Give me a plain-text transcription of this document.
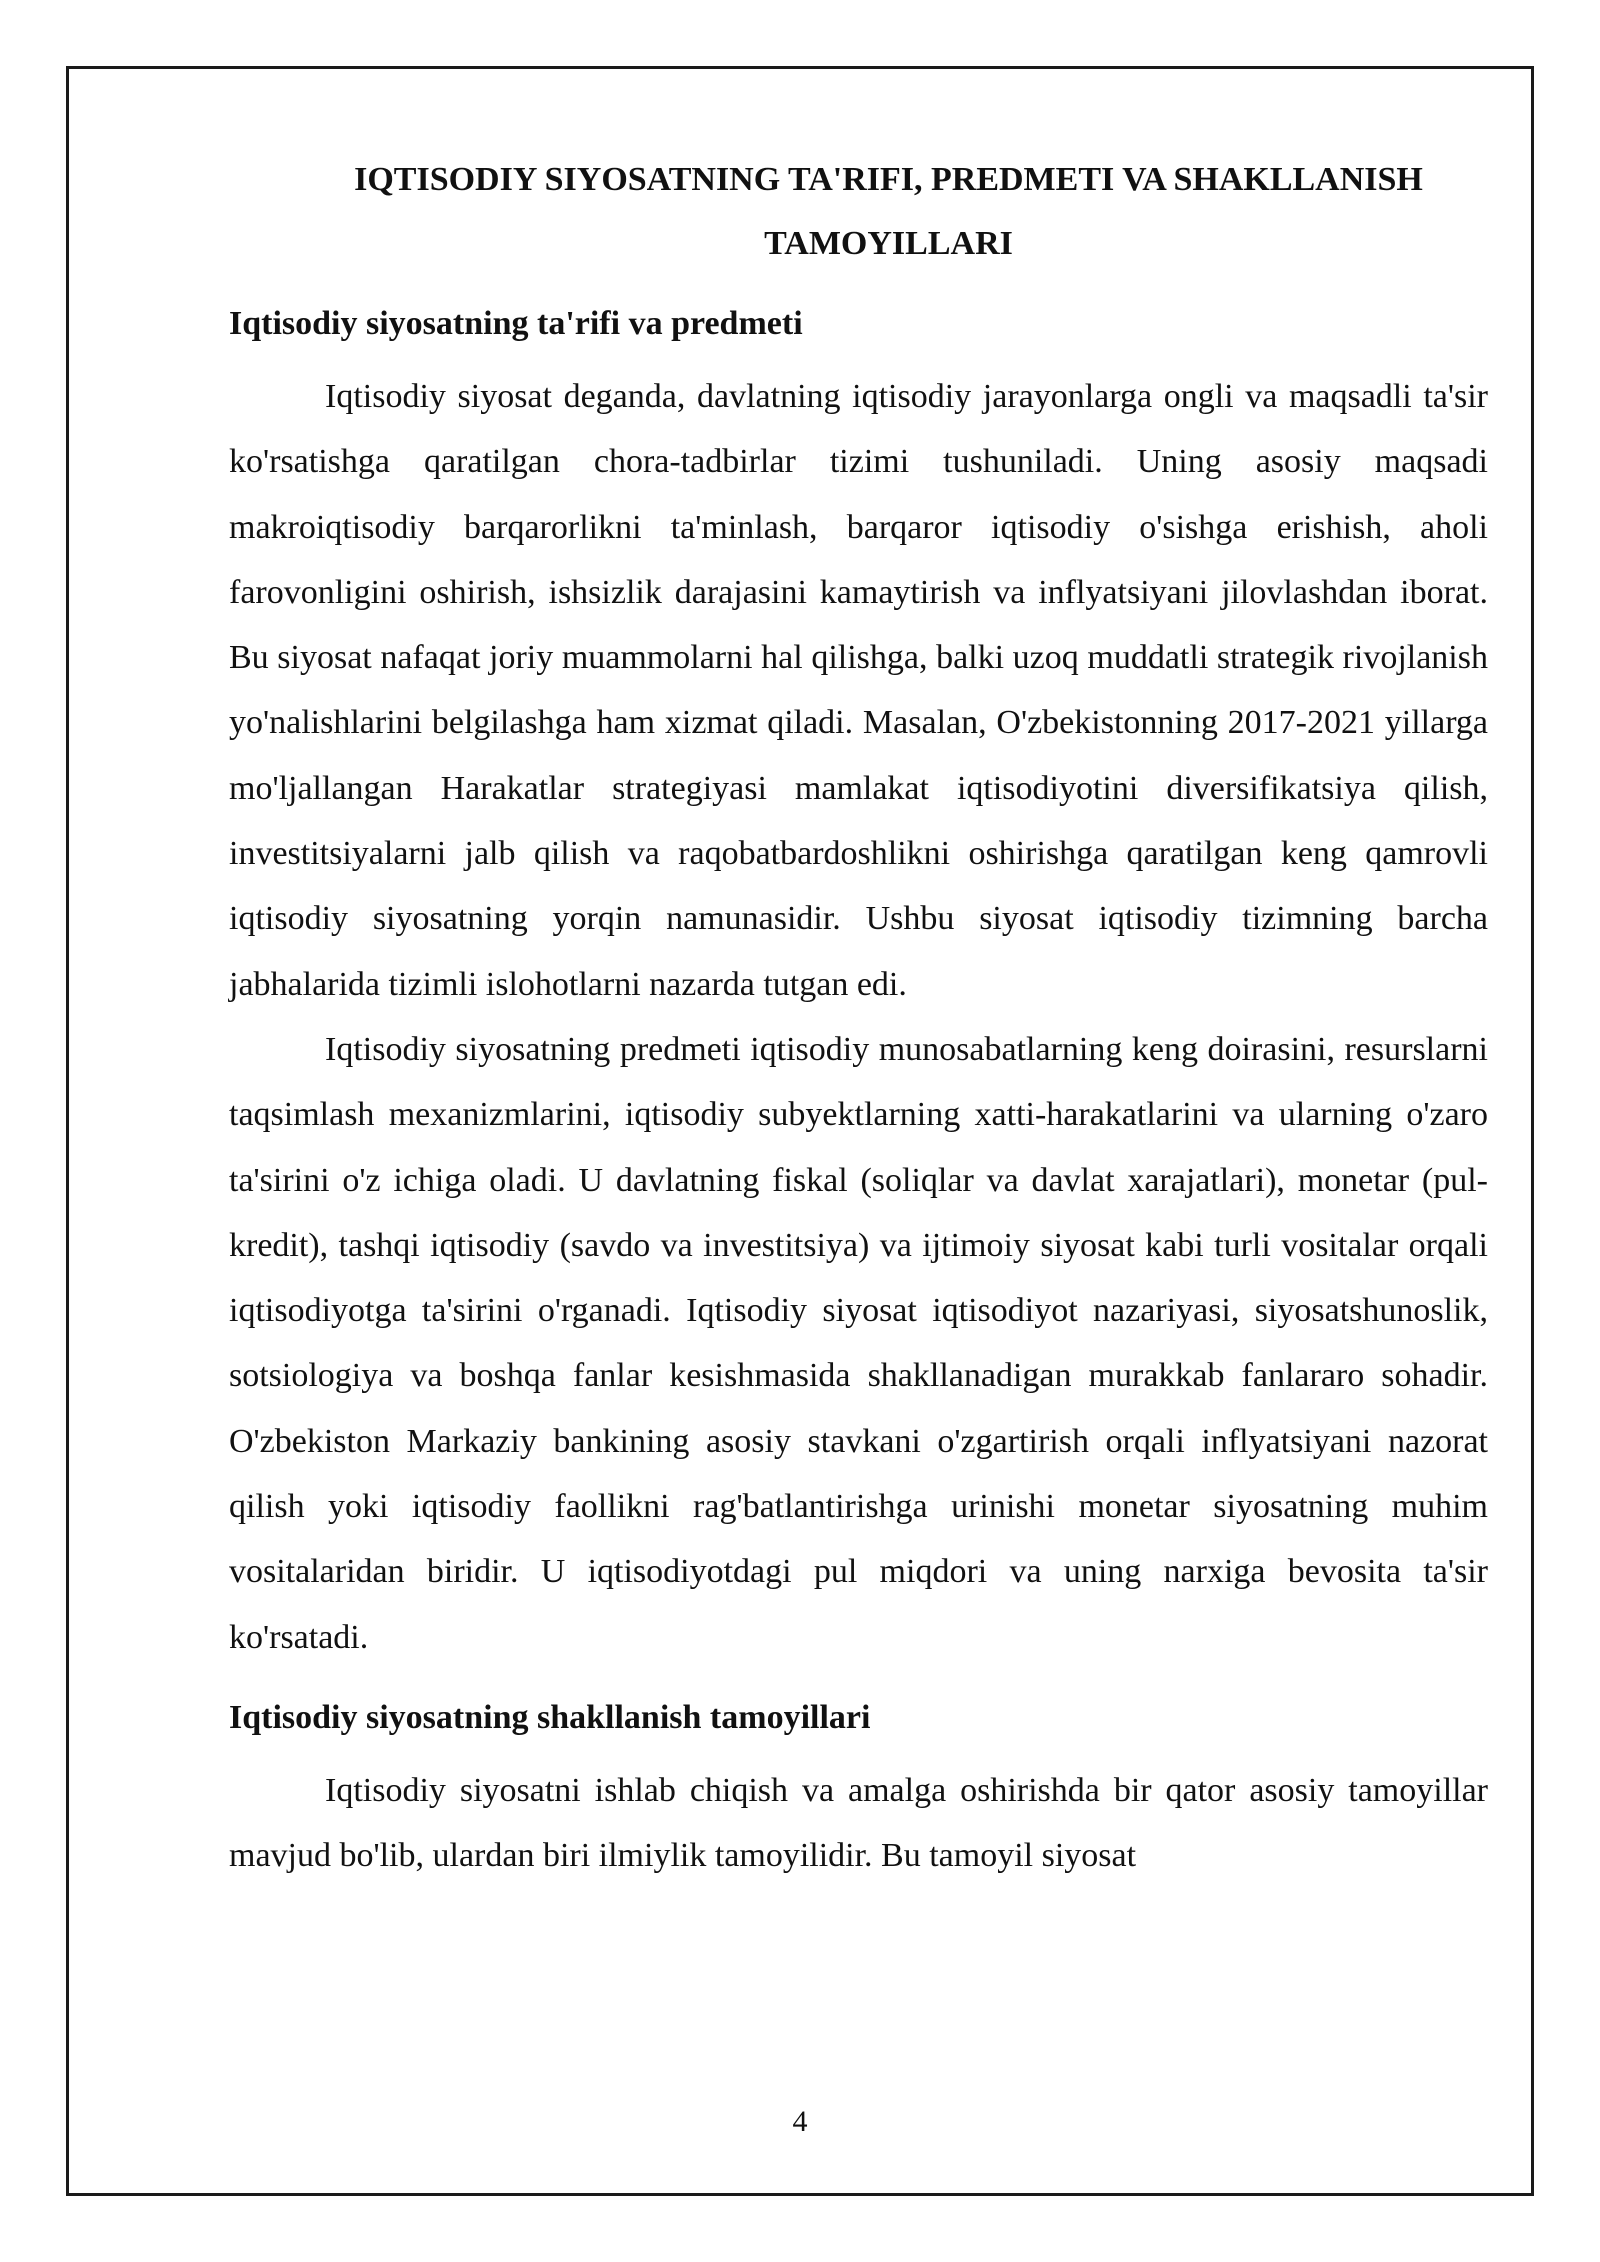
IQTISODIY SIYOSATNING TA'RIFI, PREDMETI VA SHAKLLANISH TAMOYILLARI
Iqtisodiy siyosatning ta'rifi va predmeti

Iqtisodiy siyosat deganda, davlatning iqtisodiy jarayonlarga ongli va maqsadli ta'sir ko'rsatishga qaratilgan chora-tadbirlar tizimi tushuniladi. Uning asosiy maqsadi makroiqtisodiy barqarorlikni ta'minlash, barqaror iqtisodiy o'sishga erishish, aholi farovonligini oshirish, ishsizlik darajasini kamaytirish va inflyatsiyani jilovlashdan iborat. Bu siyosat nafaqat joriy muammolarni hal qilishga, balki uzoq muddatli strategik rivojlanish yo'nalishlarini belgilashga ham xizmat qiladi. Masalan, O'zbekistonning 2017-2021 yillarga mo'ljallangan Harakatlar strategiyasi mamlakat iqtisodiyotini diversifikatsiya qilish, investitsiyalarni jalb qilish va raqobatbardoshlikni oshirishga qaratilgan keng qamrovli iqtisodiy siyosatning yorqin namunasidir. Ushbu siyosat iqtisodiy tizimning barcha jabhalarida tizimli islohotlarni nazarda tutgan edi.

Iqtisodiy siyosatning predmeti iqtisodiy munosabatlarning keng doirasini, resurslarni taqsimlash mexanizmlarini, iqtisodiy subyektlarning xatti-harakatlarini va ularning o'zaro ta'sirini o'z ichiga oladi. U davlatning fiskal (soliqlar va davlat xarajatlari), monetar (pul-kredit), tashqi iqtisodiy (savdo va investitsiya) va ijtimoiy siyosat kabi turli vositalar orqali iqtisodiyotga ta'sirini o'rganadi. Iqtisodiy siyosat iqtisodiyot nazariyasi, siyosatshunoslik, sotsiologiya va boshqa fanlar kesishmasida shakllanadigan murakkab fanlararo sohadir. O'zbekiston Markaziy bankining asosiy stavkani o'zgartirish orqali inflyatsiyani nazorat qilish yoki iqtisodiy faollikni rag'batlantirishga urinishi monetar siyosatning muhim vositalaridan biridir. U iqtisodiyotdagi pul miqdori va uning narxiga bevosita ta'sir ko'rsatadi.

Iqtisodiy siyosatning shakllanish tamoyillari

Iqtisodiy siyosatni ishlab chiqish va amalga oshirishda bir qator asosiy tamoyillar mavjud bo'lib, ulardan biri ilmiylik tamoyilidir. Bu tamoyil siyosat

4
